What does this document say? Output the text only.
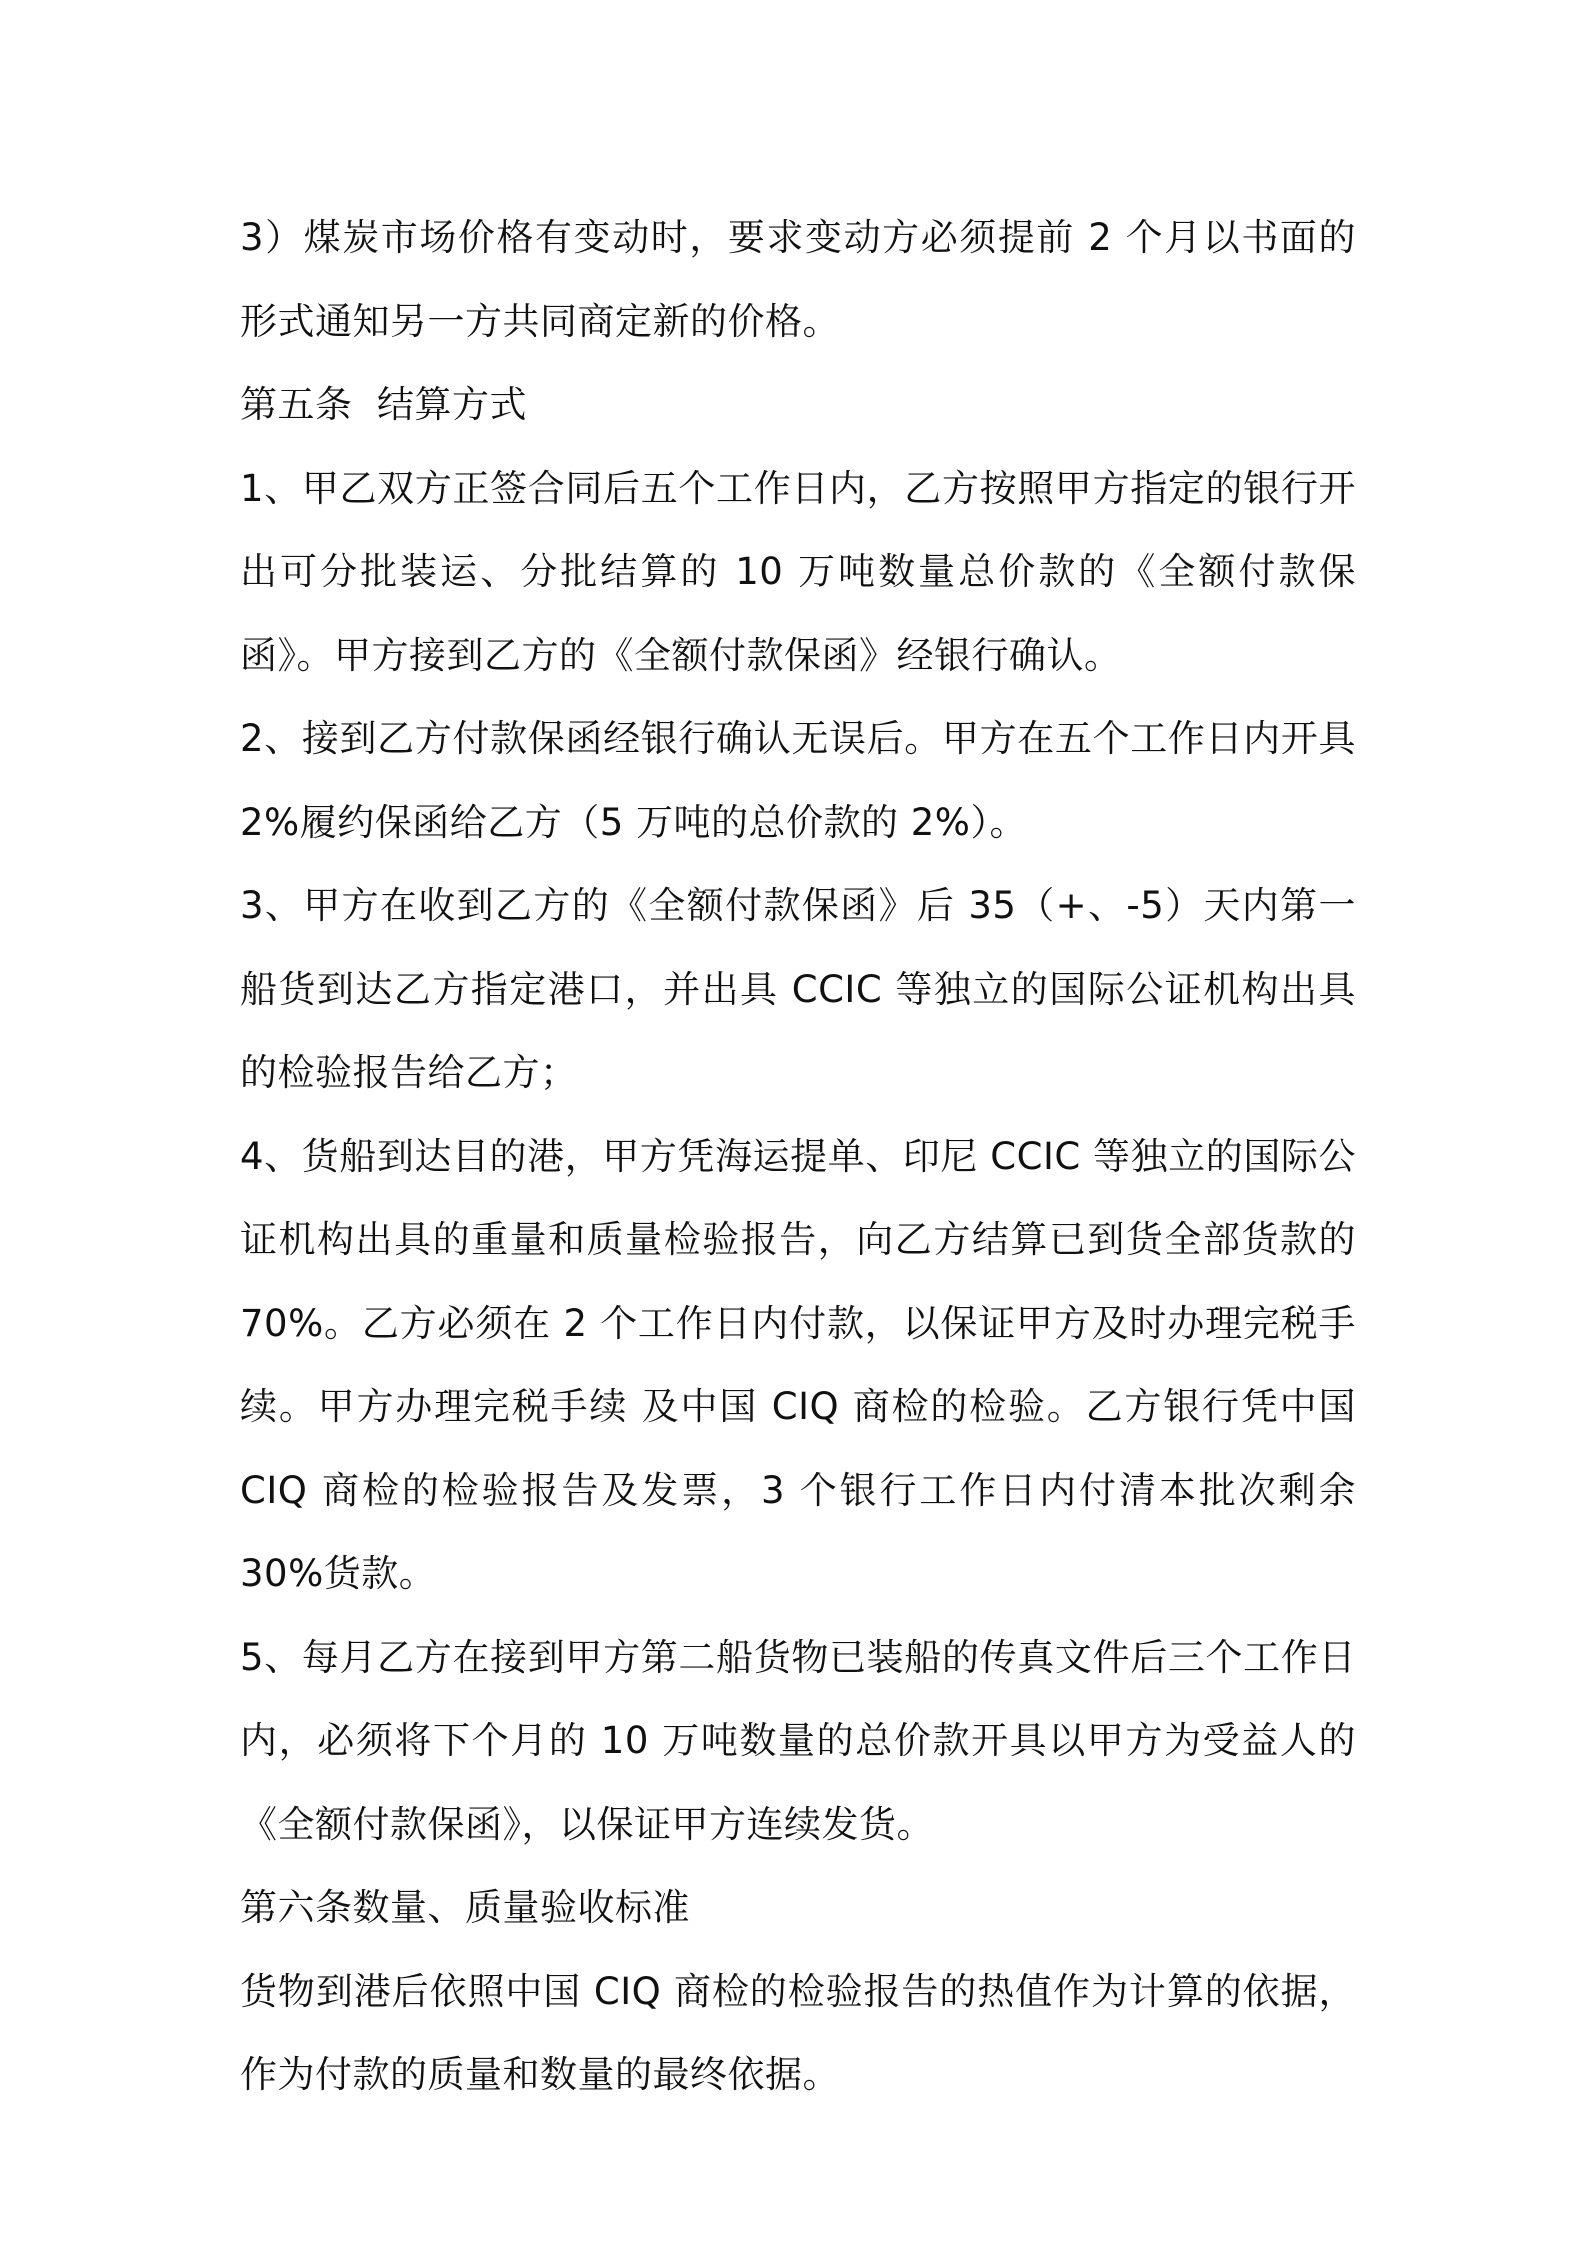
3）煤炭市场价格有变动时，要求变动方必须提前 2 个月以书面的形式通知另一方共同商定新的价格。

第五条  结算方式

1、甲乙双方正签合同后五个工作日内，乙方按照甲方指定的银行开出可分批装运、分批结算的 10 万吨数量总价款的《全额付款保函》。甲方接到乙方的《全额付款保函》经银行确认。

2、接到乙方付款保函经银行确认无误后。甲方在五个工作日内开具2%履约保函给乙方（5 万吨的总价款的 2%）。

3、甲方在收到乙方的《全额付款保函》后 35（+、-5）天内第一船货到达乙方指定港口，并出具 CCIC 等独立的国际公证机构出具的检验报告给乙方；

4、货船到达目的港，甲方凭海运提单、印尼 CCIC 等独立的国际公证机构出具的重量和质量检验报告，向乙方结算已到货全部货款的70%。乙方必须在 2 个工作日内付款，以保证甲方及时办理完税手续。甲方办理完税手续 及中国 CIQ 商检的检验。乙方银行凭中国 CIQ 商检的检验报告及发票，3 个银行工作日内付清本批次剩余 30%货款。

5、每月乙方在接到甲方第二船货物已装船的传真文件后三个工作日内，必须将下个月的 10 万吨数量的总价款开具以甲方为受益人的《全额付款保函》，以保证甲方连续发货。

第六条数量、质量验收标准

货物到港后依照中国 CIQ 商检的检验报告的热值作为计算的依据，作为付款的质量和数量的最终依据。
